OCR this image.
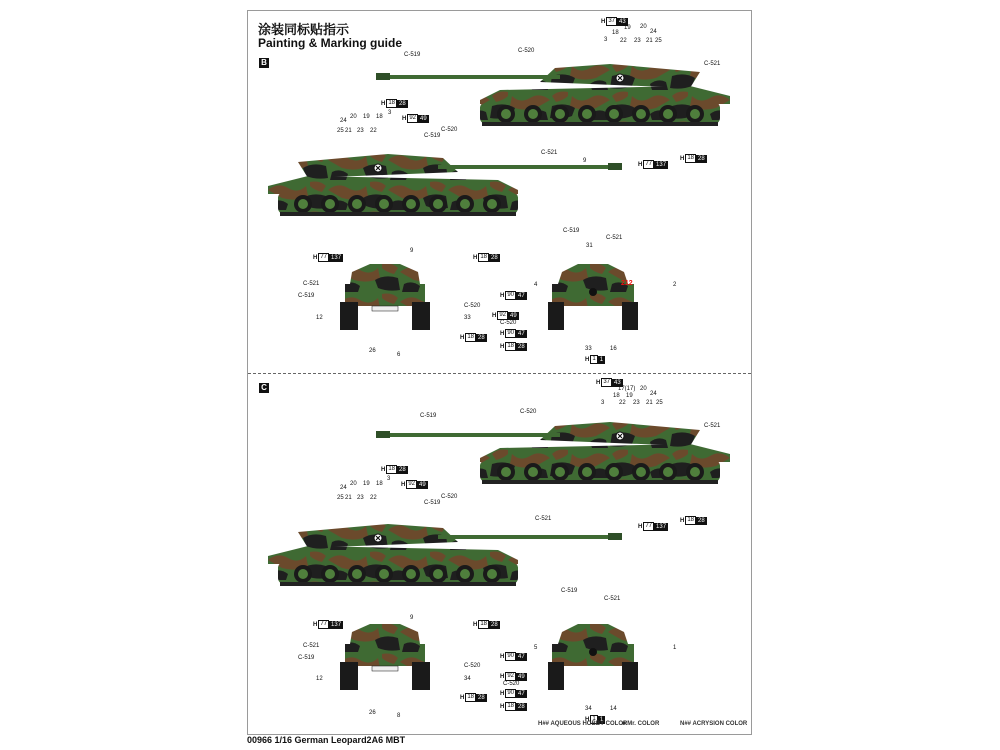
涂装同标贴指示
Painting & Marking guide
B
C
212
H 37 43
C-519
C-520
C-521
3
18
19
22 23
20
24
21 25
H 18 28
H 92 49
C-520
C-519
3
24
20 19 18
25 21 23 22
C-521
9
H 77 137
H 18 28
H 77 137
9
H 18 28
C-519
C-521
31
4	2
C-521
C-519
C-520
12	33
H 18 28
26
6
H 90 47
H 92 49
C-520
H 90 47
H 18 28	33	16
H 1 1
H 37 43
C-519
C-520
C-521
3
17(17)
18 19
22 23
20
24
21 25
H 18 28
H 92 49
C-520
C-519
3
24
20 19 18
25 21 23 22
C-521
H 77 137
H 18 28
H 77 137
9
H 18 28
C-519
C-521
5	1
C-521
C-519
C-520
12	34
H 18 28
26	8
H 90 47
H 92 49
C-520
H 90 47
H 18 28	34	14
H 1 1
H## AQUEOUS HOBBY COLOR
■ Mr. COLOR	N## ACRYSION COLOR
00966 1/16 German Leopard2A6 MBT
